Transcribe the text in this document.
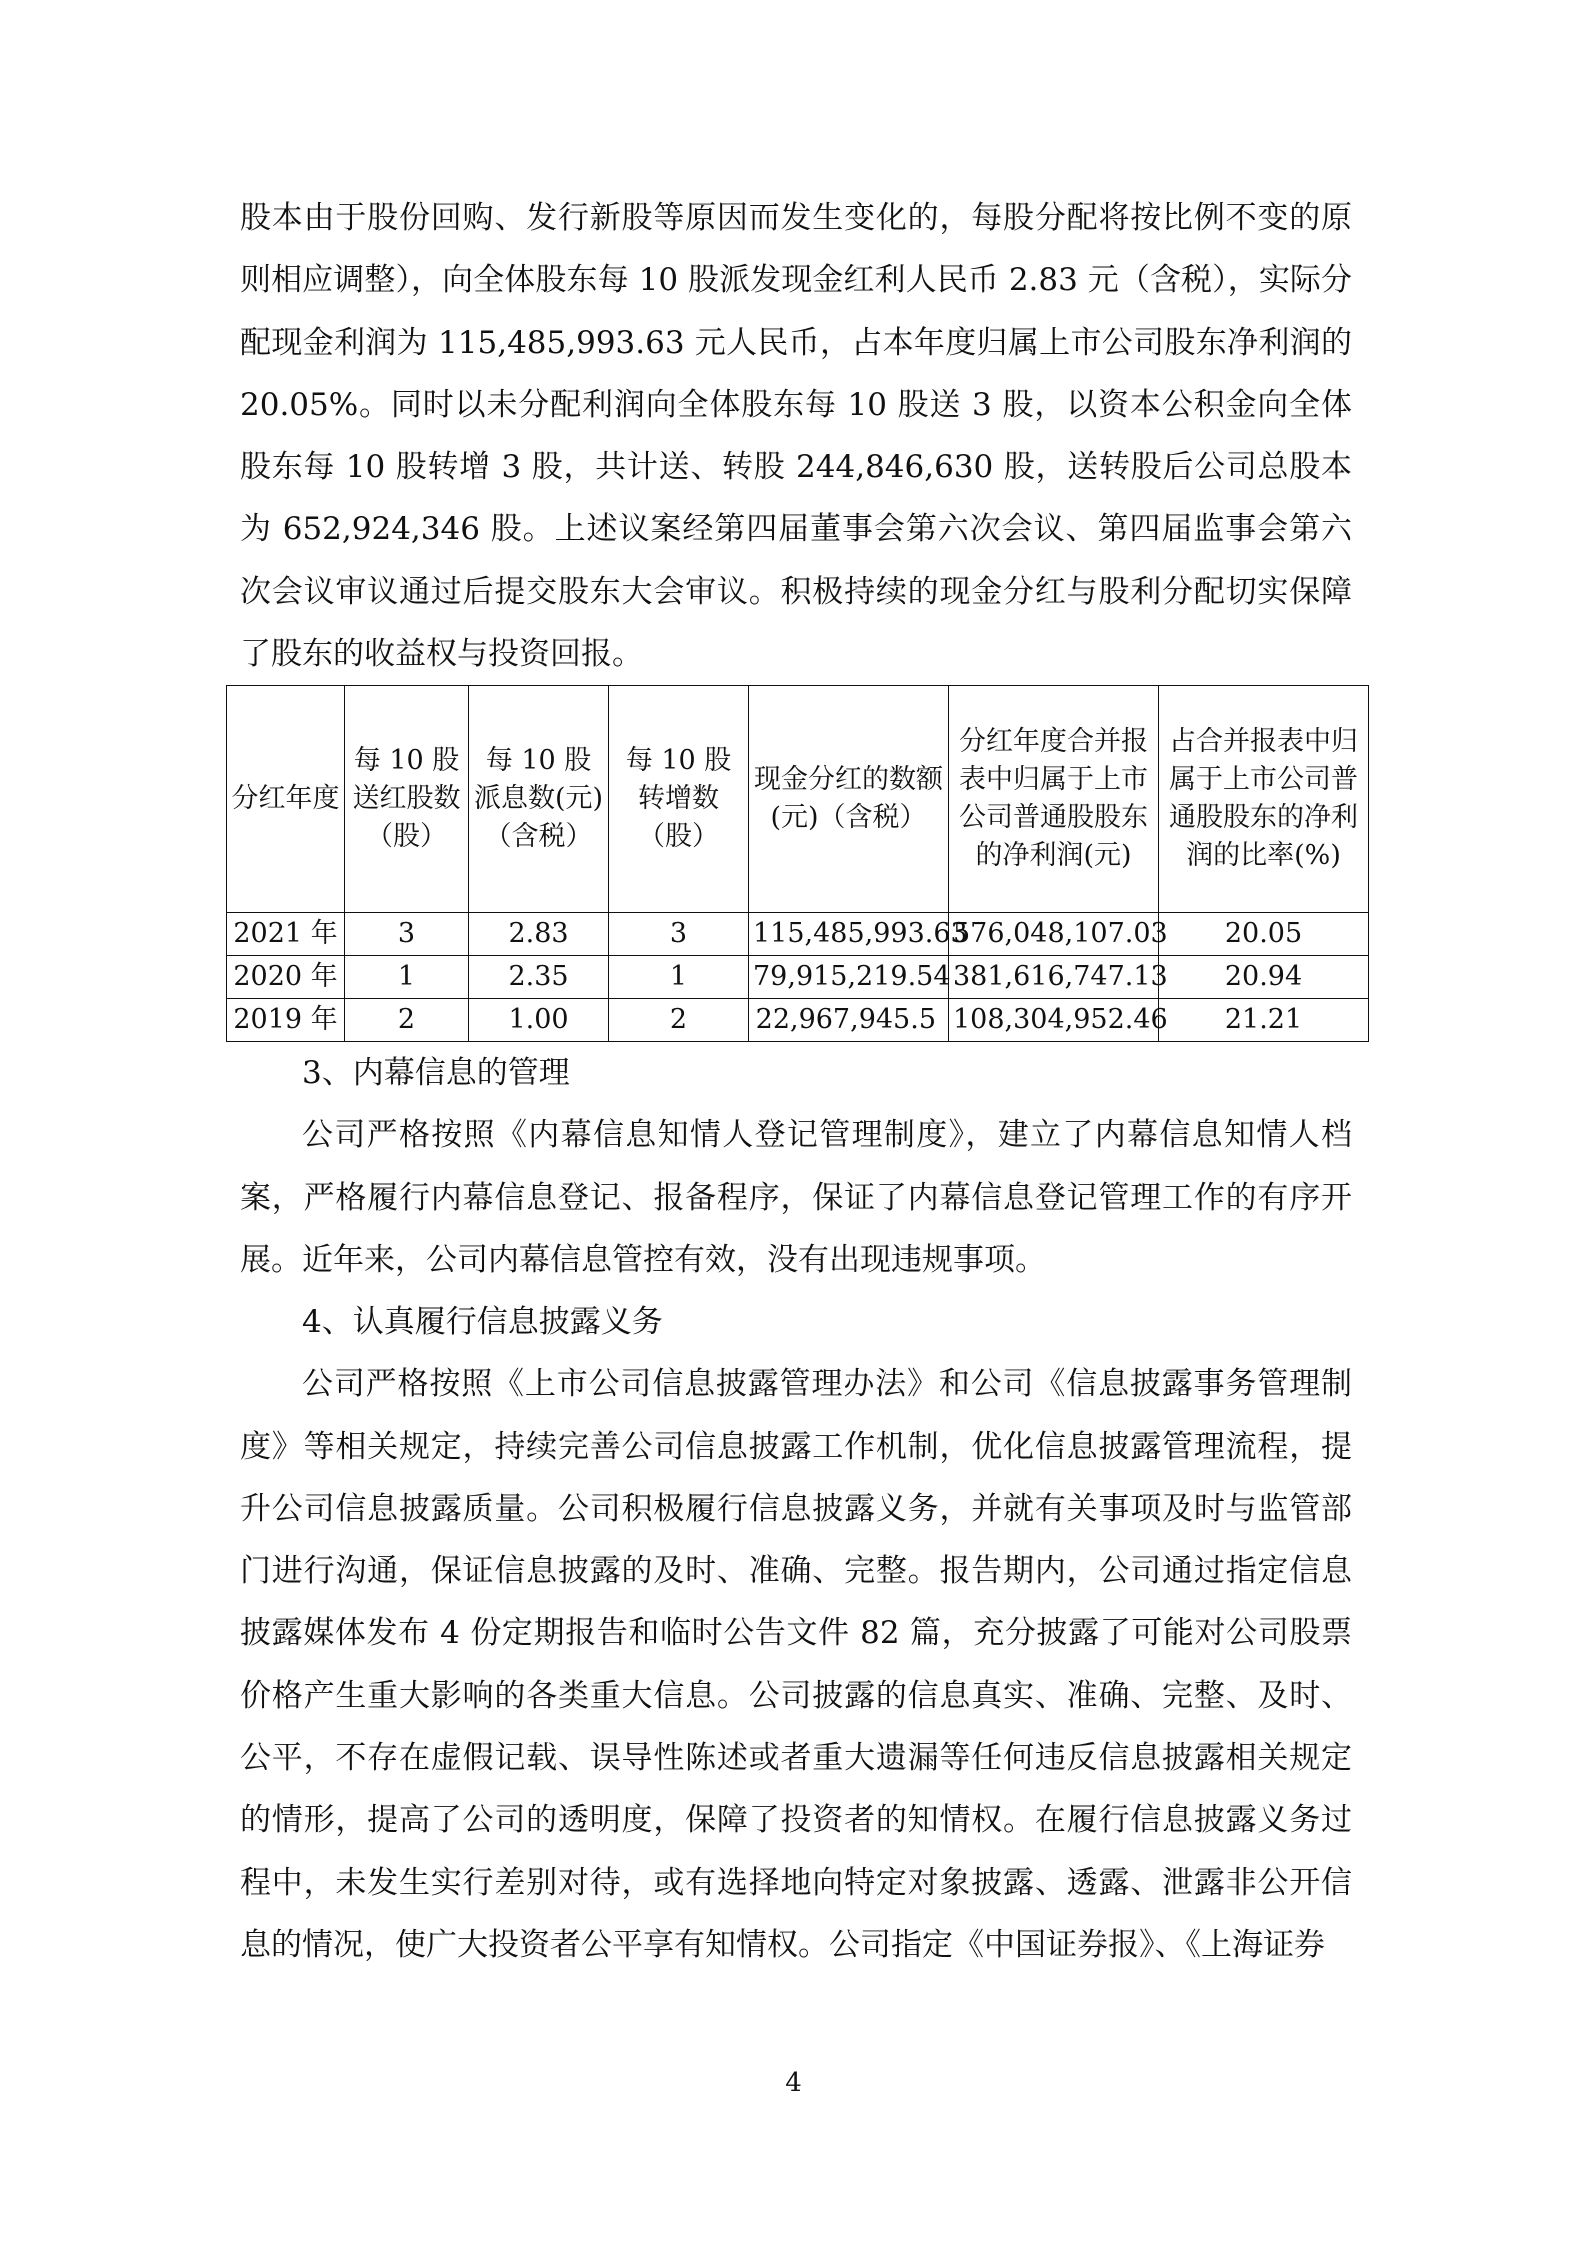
股本由于股份回购、发行新股等原因而发生变化的，每股分配将按比例不变的原则相应调整），向全体股东每 10 股派发现金红利人民币 2.83 元（含税），实际分配现金利润为 115,485,993.63 元人民币，占本年度归属上市公司股东净利润的 20.05%。同时以未分配利润向全体股东每 10 股送 3 股，以资本公积金向全体股东每 10 股转增 3 股，共计送、转股 244,846,630 股，送转股后公司总股本为 652,924,346 股。上述议案经第四届董事会第六次会议、第四届监事会第六次会议审议通过后提交股东大会审议。积极持续的现金分红与股利分配切实保障了股东的收益权与投资回报。

分红年度	每 10 股送红股数（股）	每 10 股派息数(元)（含税）	每 10 股转增数（股）	现金分红的数额(元)（含税）	分红年度合并报表中归属于上市公司普通股股东的净利润(元)	占合并报表中归属于上市公司普通股股东的净利润的比率(%)
2021 年	3	2.83	3	115,485,993.63	576,048,107.03	20.05
2020 年	1	2.35	1	79,915,219.54	381,616,747.13	20.94
2019 年	2	1.00	2	22,967,945.5	108,304,952.46	21.21

3、内幕信息的管理

公司严格按照《内幕信息知情人登记管理制度》，建立了内幕信息知情人档案，严格履行内幕信息登记、报备程序，保证了内幕信息登记管理工作的有序开展。近年来，公司内幕信息管控有效，没有出现违规事项。

4、认真履行信息披露义务

公司严格按照《上市公司信息披露管理办法》和公司《信息披露事务管理制度》等相关规定，持续完善公司信息披露工作机制，优化信息披露管理流程，提升公司信息披露质量。公司积极履行信息披露义务，并就有关事项及时与监管部门进行沟通，保证信息披露的及时、准确、完整。报告期内，公司通过指定信息披露媒体发布 4 份定期报告和临时公告文件 82 篇，充分披露了可能对公司股票价格产生重大影响的各类重大信息。公司披露的信息真实、准确、完整、及时、公平，不存在虚假记载、误导性陈述或者重大遗漏等任何违反信息披露相关规定的情形，提高了公司的透明度，保障了投资者的知情权。在履行信息披露义务过程中，未发生实行差别对待，或有选择地向特定对象披露、透露、泄露非公开信息的情况，使广大投资者公平享有知情权。公司指定《中国证券报》、《上海证券

4
